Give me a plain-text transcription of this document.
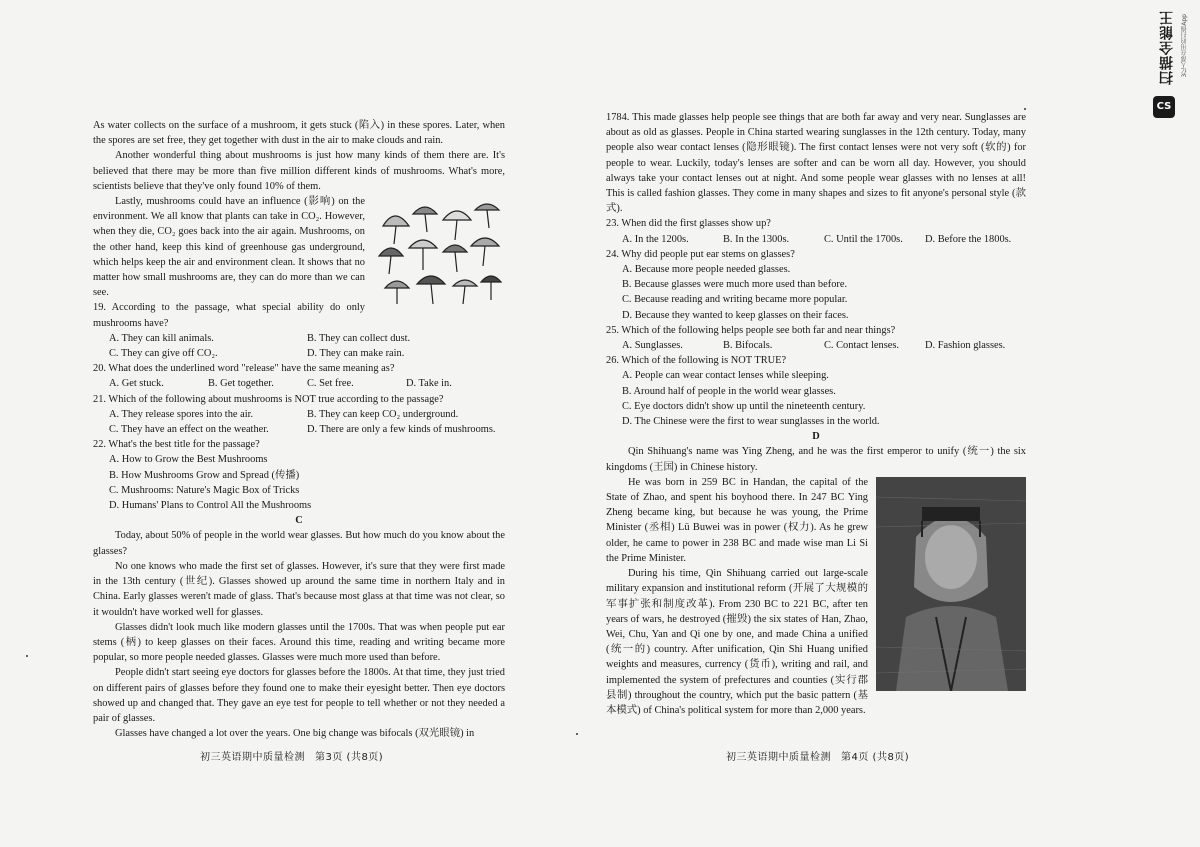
As water collects on the surface of a mushroom, it gets stuck (陷入) in these spores. Later, when the spores are set free, they get together with dust in the air to make clouds and rain.

Another wonderful thing about mushrooms is just how many kinds of them there are. It's believed that there may be more than five million different kinds of mushrooms. What's more, scientists believe that they've only found 10% of them.

Lastly, mushrooms could have an influence (影响) on the environment. We all know that plants can take in CO₂. However, when they die, CO₂ goes back into the air again. Mushrooms, on the other hand, keep this kind of greenhouse gas underground, which helps keep the air and environment clean. It shows that no matter how small mushrooms are, they can do more than we can see.

19. According to the passage, what special ability do only mushrooms have?

A. They can kill animals.	B. They can collect dust.
C. They can give off CO₂.	D. They can make rain.

20. What does the underlined word "release" have the same meaning as?

A. Get stuck.	B. Get together.	C. Set free.	D. Take in.

21. Which of the following about mushrooms is NOT true according to the passage?

A. They release spores into the air.	B. They can keep CO₂ underground.
C. They have an effect on the weather.	D. There are only a few kinds of mushrooms.

22. What's the best title for the passage?

A. How to Grow the Best Mushrooms
B. How Mushrooms Grow and Spread (传播)
C. Mushrooms: Nature's Magic Box of Tricks
D. Humans' Plans to Control All the Mushrooms
C

Today, about 50% of people in the world wear glasses. But how much do you know about the glasses?

No one knows who made the first set of glasses. However, it's sure that they were first made in the 13th century (世纪). Glasses showed up around the same time in northern Italy and in China. Early glasses weren't made of glass. That's because most glass at that time was not clear, so it wouldn't have worked well for glasses.

Glasses didn't look much like modern glasses until the 1700s. That was when people put ear stems (柄) to keep glasses on their faces. Around this time, reading and writing became more popular, so more people needed glasses. Glasses were much more used than before.

People didn't start seeing eye doctors for glasses before the 1800s. At that time, they just tried on different pairs of glasses before they found one to make their eyesight better. Then eye doctors showed up and changed that. They gave an eye test for people to tell whether or not they needed a pair of glasses.

Glasses have changed a lot over the years. One big change was bifocals (双光眼镜) in

初三英语期中质量检测 第3页 (共8页)

1784. This made glasses help people see things that are both far away and very near. Sunglasses are about as old as glasses. People in China started wearing sunglasses in the 12th century. Today, many people also wear contact lenses (隐形眼镜). The first contact lenses were not very soft (软的) for people to wear. Luckily, today's lenses are softer and can be worn all day. However, you should always take your contact lenses out at night. And some people wear glasses with no lenses at all! This is called fashion glasses. They come in many shapes and sizes to fit anyone's personal style (款式).

23. When did the first glasses show up?

A. In the 1200s.	B. In the 1300s.	C. Until the 1700s.	D. Before the 1800s.

24. Why did people put ear stems on glasses?

A. Because more people needed glasses.
B. Because glasses were much more used than before.
C. Because reading and writing became more popular.
D. Because they wanted to keep glasses on their faces.

25. Which of the following helps people see both far and near things?

A. Sunglasses.	B. Bifocals.	C. Contact lenses.	D. Fashion glasses.

26. Which of the following is NOT TRUE?

A. People can wear contact lenses while sleeping.
B. Around half of people in the world wear glasses.
C. Eye doctors didn't show up until the nineteenth century.
D. The Chinese were the first to wear sunglasses in the world.
D

Qin Shihuang's name was Ying Zheng, and he was the first emperor to unify (统一) the six kingdoms (王国) in Chinese history.

He was born in 259 BC in Handan, the capital of the State of Zhao, and spent his boyhood there. In 247 BC Ying Zheng became king, but because he was young, the Prime Minister (丞相) Lü Buwei was in power (权力). As he grew older, he came to power in 238 BC and made wise man Li Si the Prime Minister.

During his time, Qin Shihuang carried out large-scale military expansion and institutional reform (开展了大规模的军事扩张和制度改革). From 230 BC to 221 BC, after ten years of wars, he destroyed (摧毁) the six states of Han, Zhao, Wei, Chu, Yan and Qi one by one, and made China a unified (统一的) country. After unification, Qin Shi Huang unified weights and measures, currency (货币), writing and rail, and implemented the system of prefectures and counties (实行郡县制) throughout the country, which put the basic pattern (基本模式) of China's political system for more than 2,000 years.

初三英语期中质量检测 第4页 (共8页)
扫描全能王
CS
3亿人都在用的扫描App
